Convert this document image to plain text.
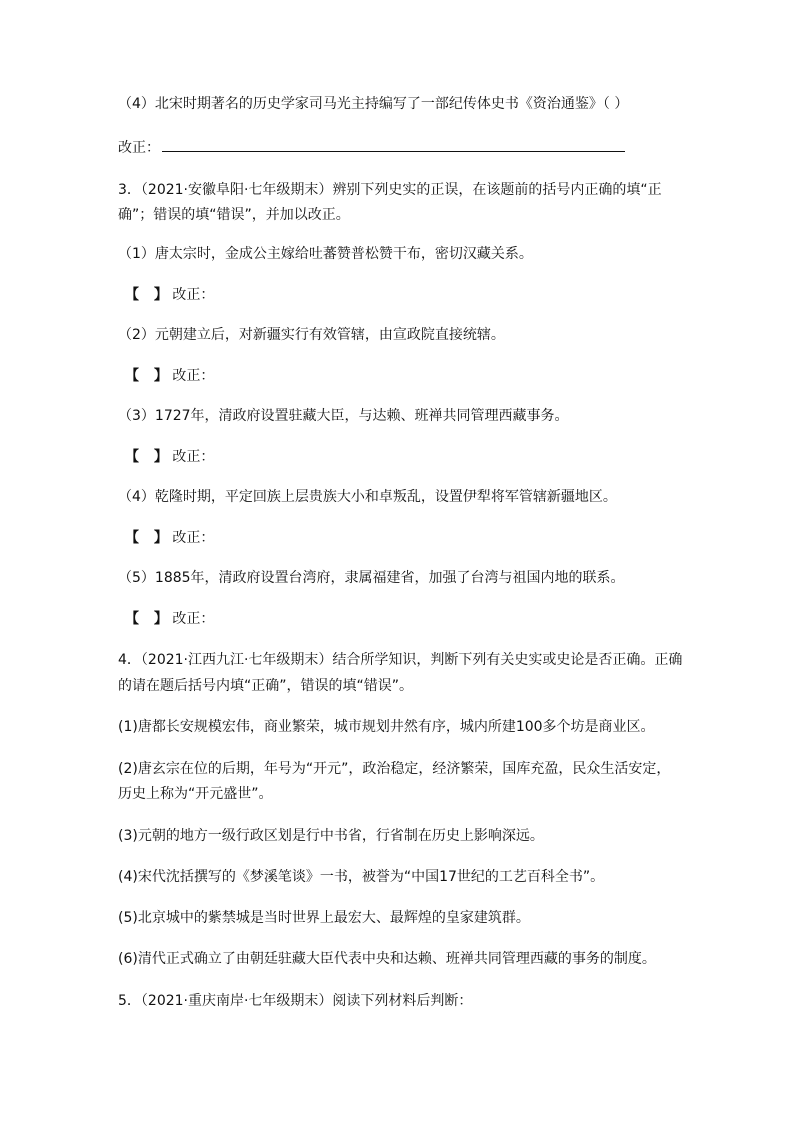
（4）北宋时期著名的历史学家司马光主持编写了一部纪传体史书《资治通鉴》（ ）
改正：
3．（2021·安徽阜阳·七年级期末）辨别下列史实的正误，在该题前的括号内正确的填“正
确”；错误的填“错误”，并加以改正。
（1）唐太宗时，金成公主嫁给吐蕃赞普松赞干布，密切汉藏关系。
【 】 改正：
（2）元朝建立后，对新疆实行有效管辖，由宣政院直接统辖。
【 】 改正：
（3）1727年，清政府设置驻藏大臣，与达赖、班禅共同管理西藏事务。
【 】 改正：
（4）乾隆时期，平定回族上层贵族大小和卓叛乱，设置伊犁将军管辖新疆地区。
【 】 改正：
（5）1885年，清政府设置台湾府，隶属福建省，加强了台湾与祖国内地的联系。
【 】 改正：
4．（2021·江西九江·七年级期末）结合所学知识，判断下列有关史实或史论是否正确。正确
的请在题后括号内填“正确”，错误的填“错误”。
(1)唐都长安规模宏伟，商业繁荣，城市规划井然有序，城内所建100多个坊是商业区。
(2)唐玄宗在位的后期，年号为“开元”，政治稳定，经济繁荣，国库充盈，民众生活安定，
历史上称为“开元盛世”。
(3)元朝的地方一级行政区划是行中书省，行省制在历史上影响深远。
(4)宋代沈括撰写的《梦溪笔谈》一书，被誉为“中国17世纪的工艺百科全书”。
(5)北京城中的紫禁城是当时世界上最宏大、最辉煌的皇家建筑群。
(6)清代正式确立了由朝廷驻藏大臣代表中央和达赖、班禅共同管理西藏的事务的制度。
5．（2021·重庆南岸·七年级期末）阅读下列材料后判断：
